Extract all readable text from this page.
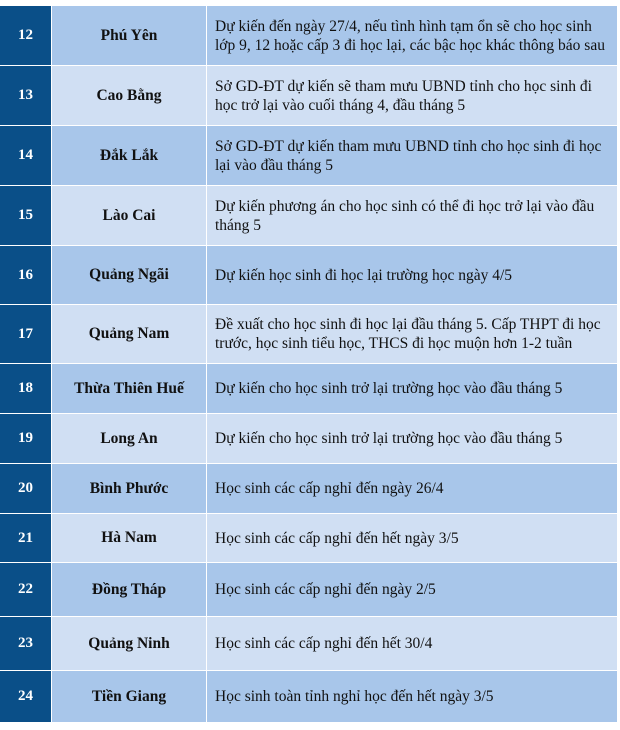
12	Phú Yên	Dự kiến đến ngày 27/4, nếu tình hình tạm ổn sẽ cho học sinh lớp 9, 12 hoặc cấp 3 đi học lại, các bậc học khác thông báo sau
13	Cao Bằng	Sở GD-ĐT dự kiến sẽ tham mưu UBND tỉnh cho học sinh đi học trở lại vào cuối tháng 4, đầu tháng 5
14	Đắk Lắk	Sở GD-ĐT dự kiến tham mưu UBND tỉnh cho học sinh đi học lại vào đầu tháng 5
15	Lào Cai	Dự kiến phương án cho học sinh có thể đi học trở lại vào đầu tháng 5
16	Quảng Ngãi	Dự kiến học sinh đi học lại trường học ngày 4/5
17	Quảng Nam	Đề xuất cho học sinh đi học lại đầu tháng 5. Cấp THPT đi học trước, học sinh tiểu học, THCS đi học muộn hơn 1-2 tuần
18	Thừa Thiên Huế	Dự kiến cho học sinh trở lại trường học vào đầu tháng 5
19	Long An	Dự kiến cho học sinh trở lại trường học vào đầu tháng 5
20	Bình Phước	Học sinh các cấp nghỉ đến ngày 26/4
21	Hà Nam	Học sinh các cấp nghỉ đến hết ngày 3/5
22	Đồng Tháp	Học sinh các cấp nghỉ đến ngày 2/5
23	Quảng Ninh	Học sinh các cấp nghỉ đến hết 30/4
24	Tiền Giang	Học sinh toàn tỉnh nghỉ học đến hết ngày 3/5
